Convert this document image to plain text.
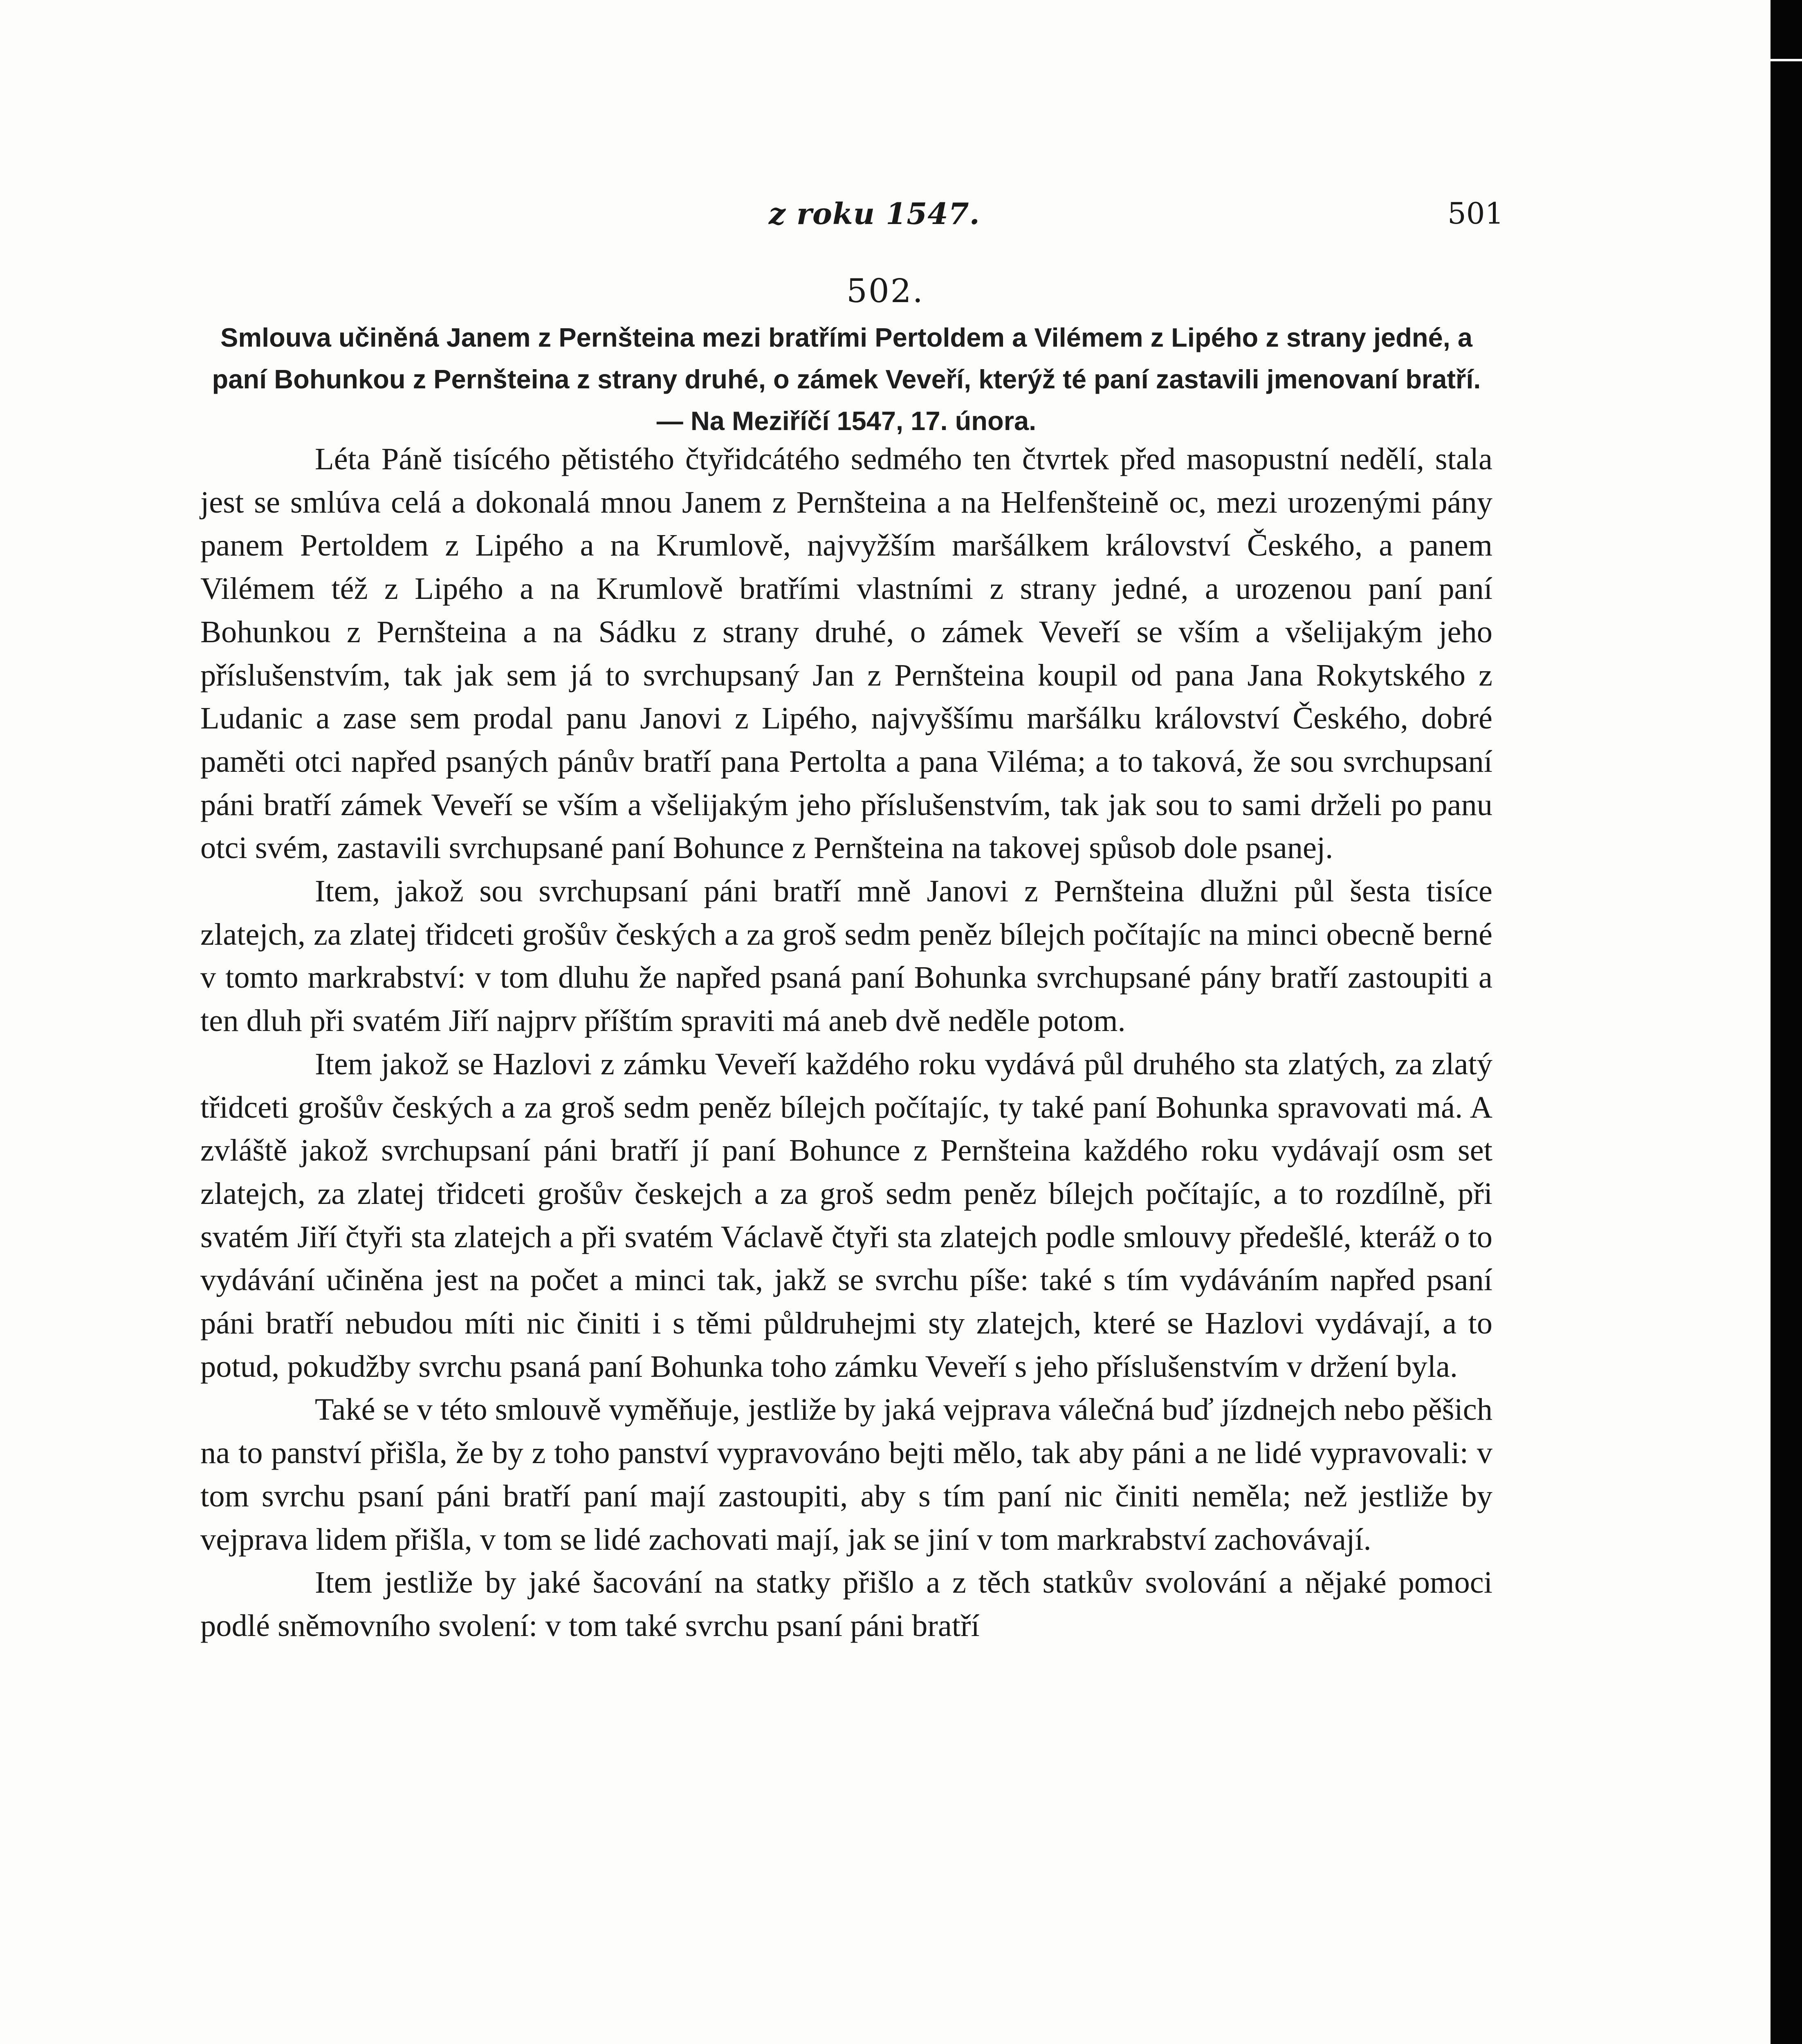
z roku 1547.	501
502.
Smlouva učiněná Janem z Pernšteina mezi bratřími Pertoldem a Vilémem z Lipého z strany jedné, a paní Bohunkou z Pernšteina z strany druhé, o zámek Veveří, kterýž té paní zastavili jmenovaní bratří. — Na Meziříčí 1547, 17. února.

Léta Páně tisícého pětistého čtyřidcátého sedmého ten čtvrtek před masopustní nedělí, stala jest se smlúva celá a dokonalá mnou Janem z Pernšteina a na Helfenšteině oc, mezi urozenými pány panem Pertoldem z Lipého a na Krumlově, najvyžším maršálkem království Českého, a panem Vilémem též z Lipého a na Krumlově bratřími vlastními z strany jedné, a urozenou paní paní Bohunkou z Pernšteina a na Sádku z strany druhé, o zámek Veveří se vším a všelijakým jeho příslušenstvím, tak jak sem já to svrchupsaný Jan z Pernšteina koupil od pana Jana Rokytského z Ludanic a zase sem prodal panu Janovi z Lipého, najvyššímu maršálku království Českého, dobré paměti otci napřed psaných pánův bratří pana Pertolta a pana Viléma; a to taková, že sou svrchupsaní páni bratří zámek Veveří se vším a všelijakým jeho příslušenstvím, tak jak sou to sami drželi po panu otci svém, zastavili svrchupsané paní Bohunce z Pernšteina na takovej spůsob dole psanej.

Item, jakož sou svrchupsaní páni bratří mně Janovi z Pernšteina dlužni půl šesta tisíce zlatejch, za zlatej třidceti grošův českých a za groš sedm peněz bílejch počítajíc na minci obecně berné v tomto markrabství: v tom dluhu že napřed psaná paní Bohunka svrchupsané pány bratří zastoupiti a ten dluh při svatém Jiří najprv příštím spraviti má aneb dvě neděle potom.

Item jakož se Hazlovi z zámku Veveří každého roku vydává půl druhého sta zlatých, za zlatý třidceti grošův českých a za groš sedm peněz bílejch počítajíc, ty také paní Bohunka spravovati má. A zvláště jakož svrchupsaní páni bratří jí paní Bohunce z Pernšteina každého roku vydávají osm set zlatejch, za zlatej třidceti grošův českejch a za groš sedm peněz bílejch počítajíc, a to rozdílně, při svatém Jiří čtyři sta zlatejch a při svatém Václavě čtyři sta zlatejch podle smlouvy předešlé, kteráž o to vydávání učiněna jest na počet a minci tak, jakž se svrchu píše: také s tím vydáváním napřed psaní páni bratří nebudou míti nic činiti i s těmi půldruhejmi sty zlatejch, které se Hazlovi vydávají, a to potud, pokudžby svrchu psaná paní Bohunka toho zámku Veveří s jeho příslušenstvím v držení byla.

Také se v této smlouvě vyměňuje, jestliže by jaká vejprava válečná buď jízdnejch nebo pěšich na to panství přišla, že by z toho panství vypravováno bejti mělo, tak aby páni a ne lidé vypravovali: v tom svrchu psaní páni bratří paní mají zastoupiti, aby s tím paní nic činiti neměla; než jestliže by vejprava lidem přišla, v tom se lidé zachovati mají, jak se jiní v tom markrabství zachovávají.

Item jestliže by jaké šacování na statky přišlo a z těch statkův svolování a nějaké pomoci podlé sněmovního svolení: v tom také svrchu psaní páni bratří
